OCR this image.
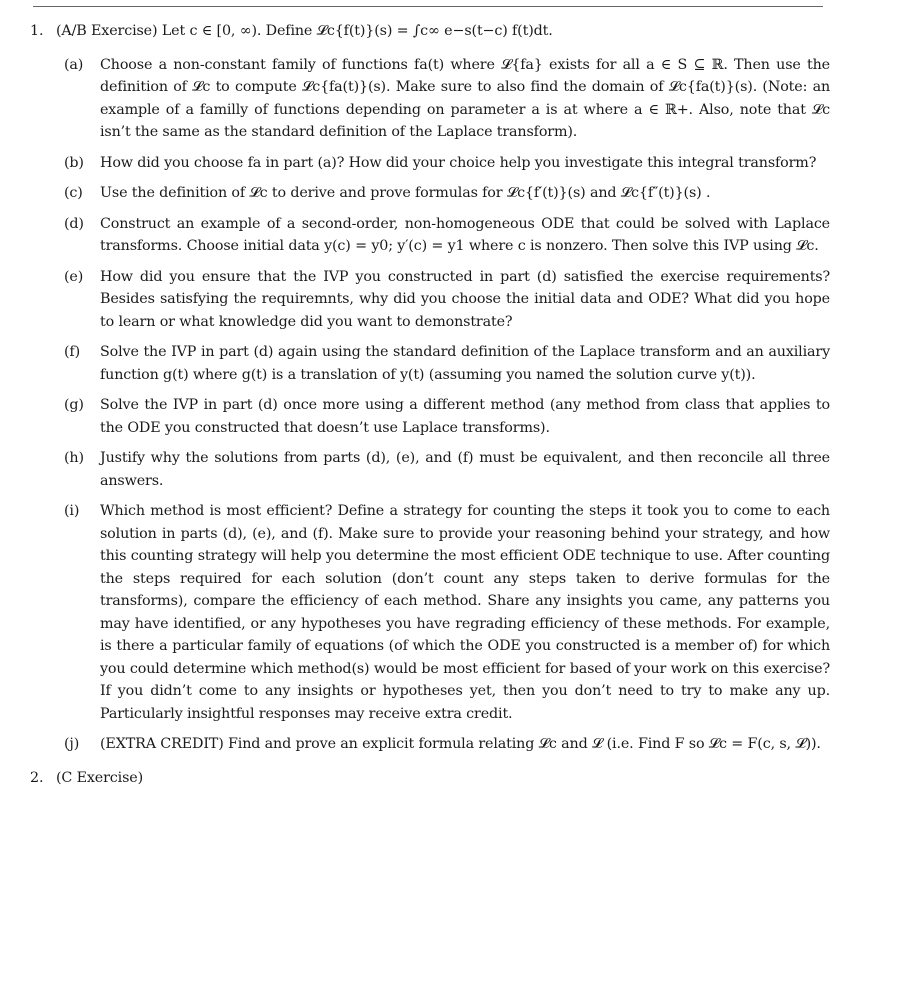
1. (A/B Exercise) Let c ∈ [0, ∞). Define 𝓛c{f(t)}(s) = ∫c∞ e−s(t−c) f(t)dt.
(a)	Choose a non-constant family of functions fa(t) where 𝓛{fa} exists for all a ∈ S ⊆ ℝ. Then use the definition of 𝓛c to compute 𝓛c{fa(t)}(s). Make sure to also find the domain of 𝓛c{fa(t)}(s). (Note: an example of a familly of functions depending on parameter a is at where a ∈ ℝ+. Also, note that 𝓛c isn’t the same as the standard definition of the Laplace transform).
(b)	How did you choose fa in part (a)? How did your choice help you investigate this integral transform?
(c)	Use the definition of 𝓛c to derive and prove formulas for 𝓛c{f′(t)}(s) and 𝓛c{f″(t)}(s) .
(d)	Construct an example of a second-order, non-homogeneous ODE that could be solved with Laplace transforms. Choose initial data y(c) = y0; y′(c) = y1 where c is nonzero. Then solve this IVP using 𝓛c.
(e)	How did you ensure that the IVP you constructed in part (d) satisfied the exercise requirements? Besides satisfying the requiremnts, why did you choose the initial data and ODE? What did you hope to learn or what knowledge did you want to demonstrate?
(f)	Solve the IVP in part (d) again using the standard definition of the Laplace transform and an auxiliary function g(t) where g(t) is a translation of y(t) (assuming you named the solution curve y(t)).
(g)	Solve the IVP in part (d) once more using a different method (any method from class that applies to the ODE you constructed that doesn’t use Laplace transforms).
(h)	Justify why the solutions from parts (d), (e), and (f) must be equivalent, and then reconcile all three answers.
(i)	Which method is most efficient? Define a strategy for counting the steps it took you to come to each solution in parts (d), (e), and (f). Make sure to provide your reasoning behind your strategy, and how this counting strategy will help you determine the most efficient ODE technique to use. After counting the steps required for each solution (don’t count any steps taken to derive formulas for the transforms), compare the efficiency of each method. Share any insights you came, any patterns you may have identified, or any hypotheses you have regrading efficiency of these methods. For example, is there a particular family of equations (of which the ODE you constructed is a member of) for which you could determine which method(s) would be most efficient for based of your work on this exercise? If you didn’t come to any insights or hypotheses yet, then you don’t need to try to make any up. Particularly insightful responses may receive extra credit.
(j)	(EXTRA CREDIT) Find and prove an explicit formula relating 𝓛c and 𝓛 (i.e. Find F so 𝓛c = F(c, s, 𝓛)).
2. (C Exercise)
